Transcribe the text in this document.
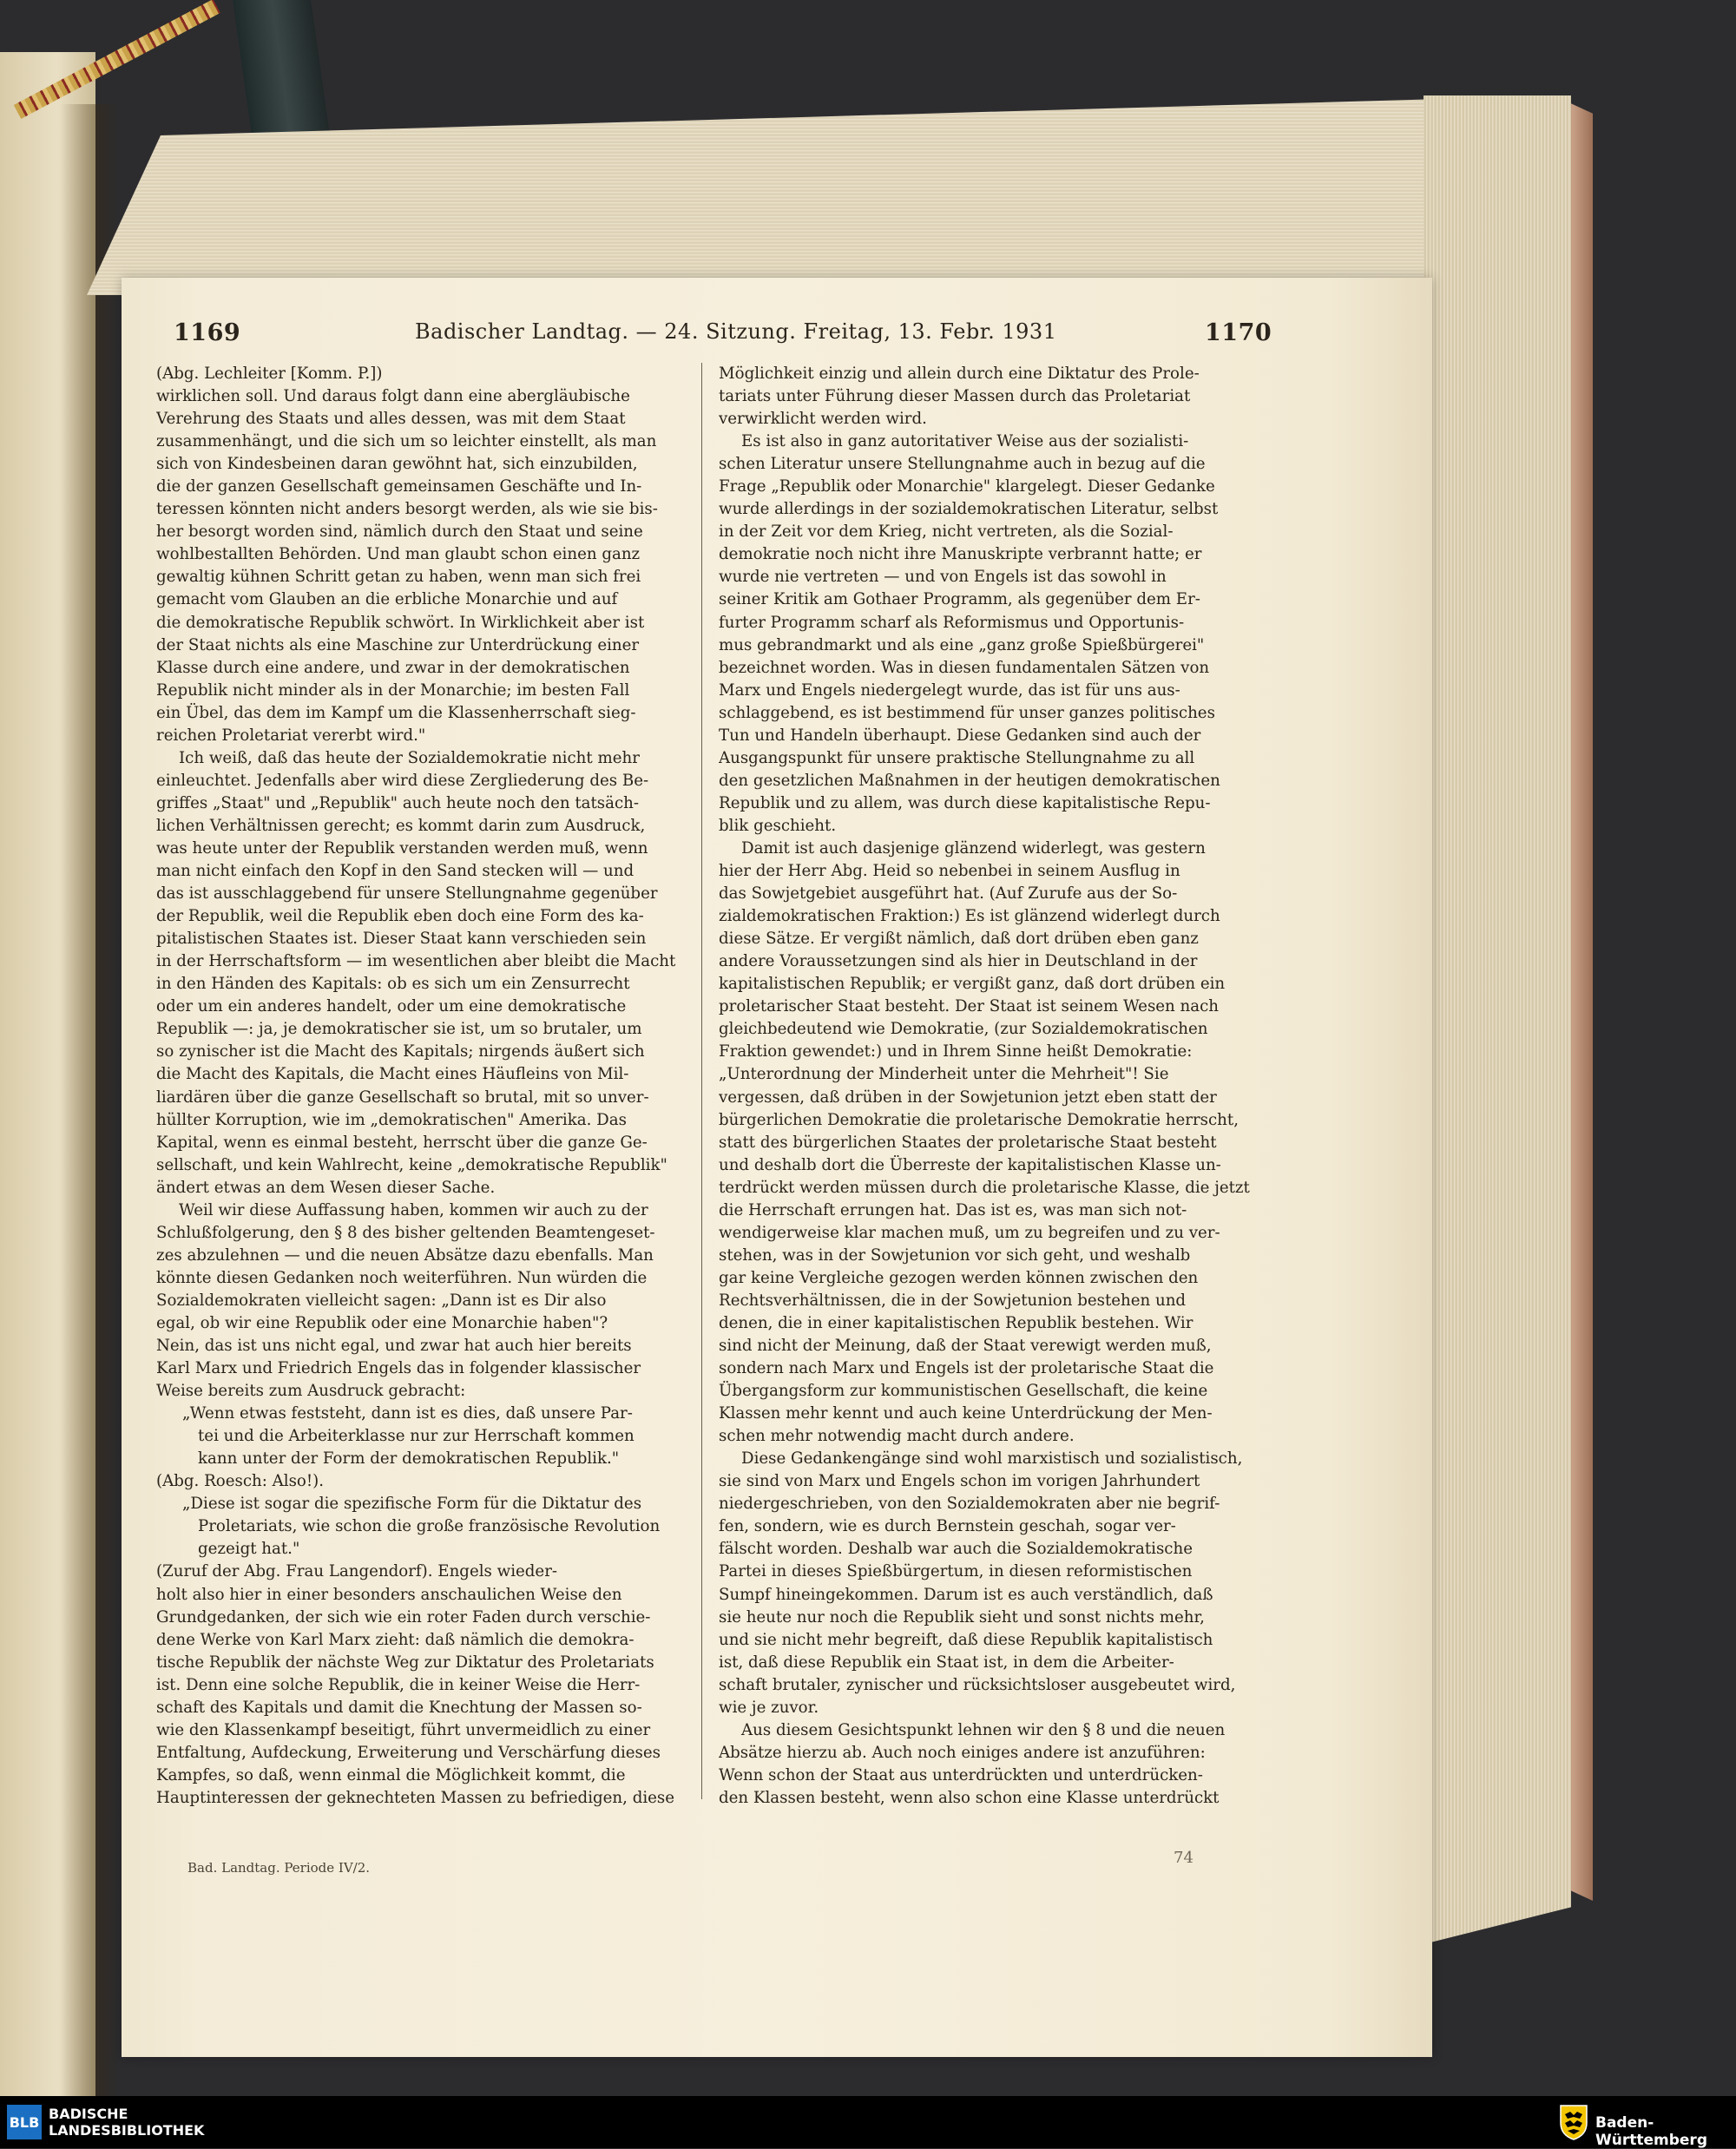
1169	Badischer Landtag. — 24. Sitzung. Freitag, 13. Febr. 1931	1170
(Abg. Lechleiter [Komm. P.])
wirklichen soll. Und daraus folgt dann eine abergläubische
Verehrung des Staats und alles dessen, was mit dem Staat
zusammenhängt, und die sich um so leichter einstellt, als man
sich von Kindesbeinen daran gewöhnt hat, sich einzubilden,
die der ganzen Gesellschaft gemeinsamen Geschäfte und In-
teressen könnten nicht anders besorgt werden, als wie sie bis-
her besorgt worden sind, nämlich durch den Staat und seine
wohlbestallten Behörden. Und man glaubt schon einen ganz
gewaltig kühnen Schritt getan zu haben, wenn man sich frei
gemacht vom Glauben an die erbliche Monarchie und auf
die demokratische Republik schwört. In Wirklichkeit aber ist
der Staat nichts als eine Maschine zur Unterdrückung einer
Klasse durch eine andere, und zwar in der demokratischen
Republik nicht minder als in der Monarchie; im besten Fall
ein Übel, das dem im Kampf um die Klassenherrschaft sieg-
reichen Proletariat vererbt wird."
Ich weiß, daß das heute der Sozialdemokratie nicht mehr
einleuchtet. Jedenfalls aber wird diese Zergliederung des Be-
griffes „Staat" und „Republik" auch heute noch den tatsäch-
lichen Verhältnissen gerecht; es kommt darin zum Ausdruck,
was heute unter der Republik verstanden werden muß, wenn
man nicht einfach den Kopf in den Sand stecken will — und
das ist ausschlaggebend für unsere Stellungnahme gegenüber
der Republik, weil die Republik eben doch eine Form des ka-
pitalistischen Staates ist. Dieser Staat kann verschieden sein
in der Herrschaftsform — im wesentlichen aber bleibt die Macht
in den Händen des Kapitals: ob es sich um ein Zensurrecht
oder um ein anderes handelt, oder um eine demokratische
Republik —: ja, je demokratischer sie ist, um so brutaler, um
so zynischer ist die Macht des Kapitals; nirgends äußert sich
die Macht des Kapitals, die Macht eines Häufleins von Mil-
liardären über die ganze Gesellschaft so brutal, mit so unver-
hüllter Korruption, wie im „demokratischen" Amerika. Das
Kapital, wenn es einmal besteht, herrscht über die ganze Ge-
sellschaft, und kein Wahlrecht, keine „demokratische Republik"
ändert etwas an dem Wesen dieser Sache.
Weil wir diese Auffassung haben, kommen wir auch zu der
Schlußfolgerung, den § 8 des bisher geltenden Beamtengeset-
zes abzulehnen — und die neuen Absätze dazu ebenfalls. Man
könnte diesen Gedanken noch weiterführen. Nun würden die
Sozialdemokraten vielleicht sagen: „Dann ist es Dir also
egal, ob wir eine Republik oder eine Monarchie haben"?
Nein, das ist uns nicht egal, und zwar hat auch hier bereits
Karl Marx und Friedrich Engels das in folgender klassischer
Weise bereits zum Ausdruck gebracht:
„Wenn etwas feststeht, dann ist es dies, daß unsere Par-
tei und die Arbeiterklasse nur zur Herrschaft kommen
kann unter der Form der demokratischen Republik."
(Abg. Roesch: Also!).
„Diese ist sogar die spezifische Form für die Diktatur des
Proletariats, wie schon die große französische Revolution
gezeigt hat."
(Zuruf der Abg. Frau Langendorf). Engels wieder-
holt also hier in einer besonders anschaulichen Weise den
Grundgedanken, der sich wie ein roter Faden durch verschie-
dene Werke von Karl Marx zieht: daß nämlich die demokra-
tische Republik der nächste Weg zur Diktatur des Proletariats
ist. Denn eine solche Republik, die in keiner Weise die Herr-
schaft des Kapitals und damit die Knechtung der Massen so-
wie den Klassenkampf beseitigt, führt unvermeidlich zu einer
Entfaltung, Aufdeckung, Erweiterung und Verschärfung dieses
Kampfes, so daß, wenn einmal die Möglichkeit kommt, die
Hauptinteressen der geknechteten Massen zu befriedigen, diese
Möglichkeit einzig und allein durch eine Diktatur des Prole-
tariats unter Führung dieser Massen durch das Proletariat
verwirklicht werden wird.
Es ist also in ganz autoritativer Weise aus der sozialisti-
schen Literatur unsere Stellungnahme auch in bezug auf die
Frage „Republik oder Monarchie" klargelegt. Dieser Gedanke
wurde allerdings in der sozialdemokratischen Literatur, selbst
in der Zeit vor dem Krieg, nicht vertreten, als die Sozial-
demokratie noch nicht ihre Manuskripte verbrannt hatte; er
wurde nie vertreten — und von Engels ist das sowohl in
seiner Kritik am Gothaer Programm, als gegenüber dem Er-
furter Programm scharf als Reformismus und Opportunis-
mus gebrandmarkt und als eine „ganz große Spießbürgerei"
bezeichnet worden. Was in diesen fundamentalen Sätzen von
Marx und Engels niedergelegt wurde, das ist für uns aus-
schlaggebend, es ist bestimmend für unser ganzes politisches
Tun und Handeln überhaupt. Diese Gedanken sind auch der
Ausgangspunkt für unsere praktische Stellungnahme zu all
den gesetzlichen Maßnahmen in der heutigen demokratischen
Republik und zu allem, was durch diese kapitalistische Repu-
blik geschieht.
Damit ist auch dasjenige glänzend widerlegt, was gestern
hier der Herr Abg. Heid so nebenbei in seinem Ausflug in
das Sowjetgebiet ausgeführt hat. (Auf Zurufe aus der So-
zialdemokratischen Fraktion:) Es ist glänzend widerlegt durch
diese Sätze. Er vergißt nämlich, daß dort drüben eben ganz
andere Voraussetzungen sind als hier in Deutschland in der
kapitalistischen Republik; er vergißt ganz, daß dort drüben ein
proletarischer Staat besteht. Der Staat ist seinem Wesen nach
gleichbedeutend wie Demokratie, (zur Sozialdemokratischen
Fraktion gewendet:) und in Ihrem Sinne heißt Demokratie:
„Unterordnung der Minderheit unter die Mehrheit"! Sie
vergessen, daß drüben in der Sowjetunion jetzt eben statt der
bürgerlichen Demokratie die proletarische Demokratie herrscht,
statt des bürgerlichen Staates der proletarische Staat besteht
und deshalb dort die Überreste der kapitalistischen Klasse un-
terdrückt werden müssen durch die proletarische Klasse, die jetzt
die Herrschaft errungen hat. Das ist es, was man sich not-
wendigerweise klar machen muß, um zu begreifen und zu ver-
stehen, was in der Sowjetunion vor sich geht, und weshalb
gar keine Vergleiche gezogen werden können zwischen den
Rechtsverhältnissen, die in der Sowjetunion bestehen und
denen, die in einer kapitalistischen Republik bestehen. Wir
sind nicht der Meinung, daß der Staat verewigt werden muß,
sondern nach Marx und Engels ist der proletarische Staat die
Übergangsform zur kommunistischen Gesellschaft, die keine
Klassen mehr kennt und auch keine Unterdrückung der Men-
schen mehr notwendig macht durch andere.
Diese Gedankengänge sind wohl marxistisch und sozialistisch,
sie sind von Marx und Engels schon im vorigen Jahrhundert
niedergeschrieben, von den Sozialdemokraten aber nie begrif-
fen, sondern, wie es durch Bernstein geschah, sogar ver-
fälscht worden. Deshalb war auch die Sozialdemokratische
Partei in dieses Spießbürgertum, in diesen reformistischen
Sumpf hineingekommen. Darum ist es auch verständlich, daß
sie heute nur noch die Republik sieht und sonst nichts mehr,
und sie nicht mehr begreift, daß diese Republik kapitalistisch
ist, daß diese Republik ein Staat ist, in dem die Arbeiter-
schaft brutaler, zynischer und rücksichtsloser ausgebeutet wird,
wie je zuvor.
Aus diesem Gesichtspunkt lehnen wir den § 8 und die neuen
Absätze hierzu ab. Auch noch einiges andere ist anzuführen:
Wenn schon der Staat aus unterdrückten und unterdrücken-
den Klassen besteht, wenn also schon eine Klasse unterdrückt
Bad. Landtag. Periode IV/2.
74
BLB BADISCHE
LANDESBIBLIOTHEK	Baden-Württemberg
